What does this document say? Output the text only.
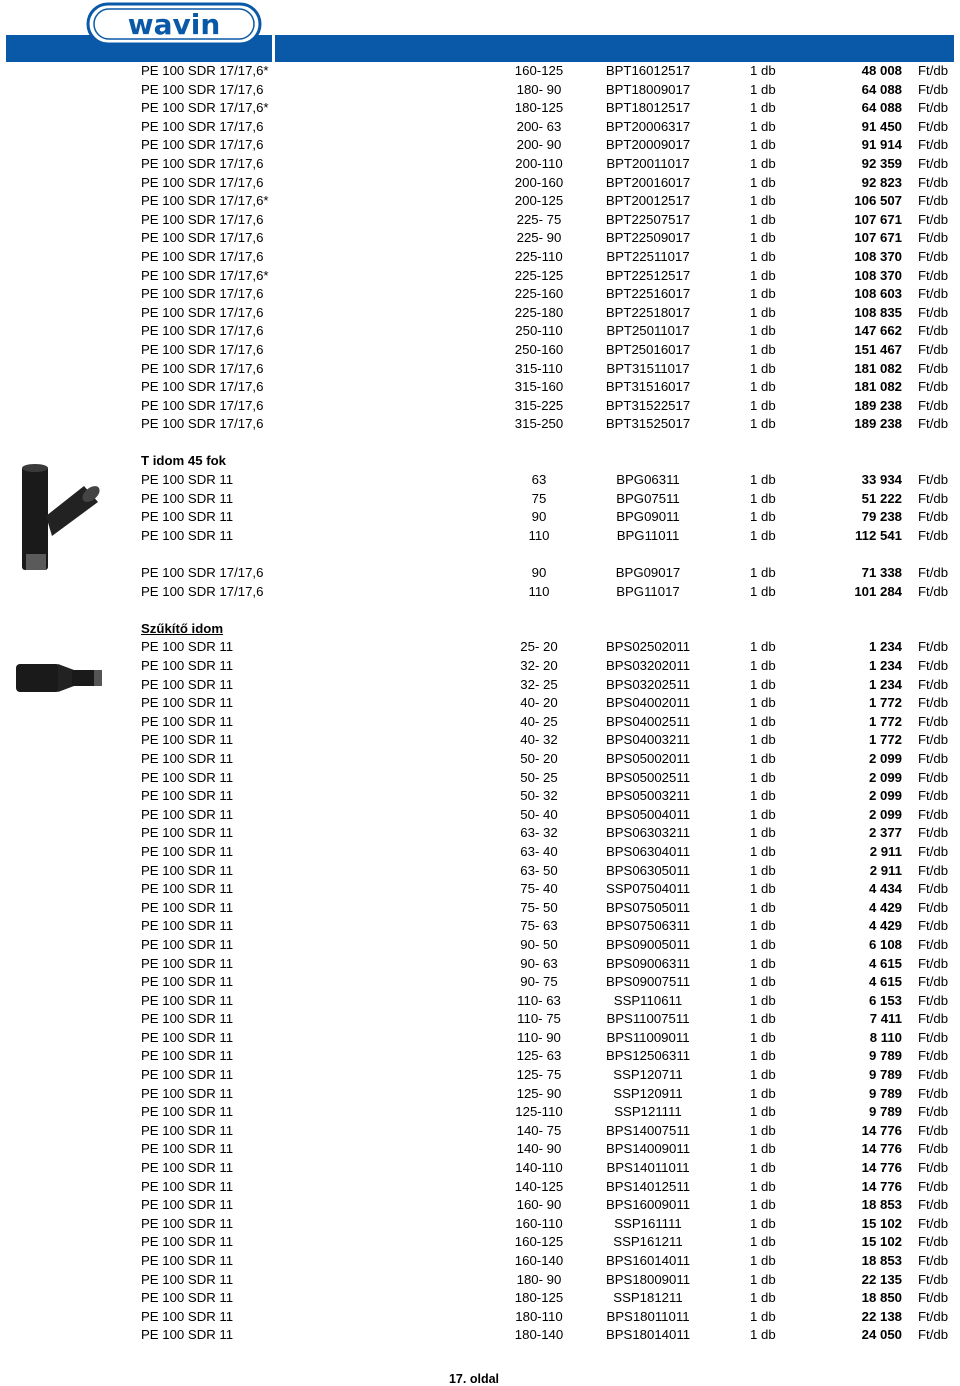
wavin
PE 100 SDR 17/17,6*	160-125	BPT16012517	1 db	48 008 Ft/db
PE 100 SDR 17/17,6	180- 90	BPT18009017	1 db	64 088 Ft/db
PE 100 SDR 17/17,6*	180-125	BPT18012517	1 db	64 088 Ft/db
PE 100 SDR 17/17,6	200- 63	BPT20006317	1 db	91 450 Ft/db
PE 100 SDR 17/17,6	200- 90	BPT20009017	1 db	91 914 Ft/db
PE 100 SDR 17/17,6	200-110	BPT20011017	1 db	92 359 Ft/db
PE 100 SDR 17/17,6	200-160	BPT20016017	1 db	92 823 Ft/db
PE 100 SDR 17/17,6*	200-125	BPT20012517	1 db	106 507 Ft/db
PE 100 SDR 17/17,6	225- 75	BPT22507517	1 db	107 671 Ft/db
PE 100 SDR 17/17,6	225- 90	BPT22509017	1 db	107 671 Ft/db
PE 100 SDR 17/17,6	225-110	BPT22511017	1 db	108 370 Ft/db
PE 100 SDR 17/17,6*	225-125	BPT22512517	1 db	108 370 Ft/db
PE 100 SDR 17/17,6	225-160	BPT22516017	1 db	108 603 Ft/db
PE 100 SDR 17/17,6	225-180	BPT22518017	1 db	108 835 Ft/db
PE 100 SDR 17/17,6	250-110	BPT25011017	1 db	147 662 Ft/db
PE 100 SDR 17/17,6	250-160	BPT25016017	1 db	151 467 Ft/db
PE 100 SDR 17/17,6	315-110	BPT31511017	1 db	181 082 Ft/db
PE 100 SDR 17/17,6	315-160	BPT31516017	1 db	181 082 Ft/db
PE 100 SDR 17/17,6	315-225	BPT31522517	1 db	189 238 Ft/db
PE 100 SDR 17/17,6	315-250	BPT31525017	1 db	189 238 Ft/db
T idom 45 fok
PE 100 SDR 11	63	BPG06311	1 db	33 934 Ft/db
PE 100 SDR 11	75	BPG07511	1 db	51 222 Ft/db
PE 100 SDR 11	90	BPG09011	1 db	79 238 Ft/db
PE 100 SDR 11	110	BPG11011	1 db	112 541 Ft/db
PE 100 SDR 17/17,6	90	BPG09017	1 db	71 338 Ft/db
PE 100 SDR 17/17,6	110	BPG11017	1 db	101 284 Ft/db
Szűkítő idom
PE 100 SDR 11	25- 20	BPS02502011	1 db	1 234 Ft/db
PE 100 SDR 11	32- 20	BPS03202011	1 db	1 234 Ft/db
PE 100 SDR 11	32- 25	BPS03202511	1 db	1 234 Ft/db
PE 100 SDR 11	40- 20	BPS04002011	1 db	1 772 Ft/db
PE 100 SDR 11	40- 25	BPS04002511	1 db	1 772 Ft/db
PE 100 SDR 11	40- 32	BPS04003211	1 db	1 772 Ft/db
PE 100 SDR 11	50- 20	BPS05002011	1 db	2 099 Ft/db
PE 100 SDR 11	50- 25	BPS05002511	1 db	2 099 Ft/db
PE 100 SDR 11	50- 32	BPS05003211	1 db	2 099 Ft/db
PE 100 SDR 11	50- 40	BPS05004011	1 db	2 099 Ft/db
PE 100 SDR 11	63- 32	BPS06303211	1 db	2 377 Ft/db
PE 100 SDR 11	63- 40	BPS06304011	1 db	2 911 Ft/db
PE 100 SDR 11	63- 50	BPS06305011	1 db	2 911 Ft/db
PE 100 SDR 11	75- 40	SSP07504011	1 db	4 434 Ft/db
PE 100 SDR 11	75- 50	BPS07505011	1 db	4 429 Ft/db
PE 100 SDR 11	75- 63	BPS07506311	1 db	4 429 Ft/db
PE 100 SDR 11	90- 50	BPS09005011	1 db	6 108 Ft/db
PE 100 SDR 11	90- 63	BPS09006311	1 db	4 615 Ft/db
PE 100 SDR 11	90- 75	BPS09007511	1 db	4 615 Ft/db
PE 100 SDR 11	110- 63	SSP110611	1 db	6 153 Ft/db
PE 100 SDR 11	110- 75	BPS11007511	1 db	7 411 Ft/db
PE 100 SDR 11	110- 90	BPS11009011	1 db	8 110 Ft/db
PE 100 SDR 11	125- 63	BPS12506311	1 db	9 789 Ft/db
PE 100 SDR 11	125- 75	SSP120711	1 db	9 789 Ft/db
PE 100 SDR 11	125- 90	SSP120911	1 db	9 789 Ft/db
PE 100 SDR 11	125-110	SSP121111	1 db	9 789 Ft/db
PE 100 SDR 11	140- 75	BPS14007511	1 db	14 776 Ft/db
PE 100 SDR 11	140- 90	BPS14009011	1 db	14 776 Ft/db
PE 100 SDR 11	140-110	BPS14011011	1 db	14 776 Ft/db
PE 100 SDR 11	140-125	BPS14012511	1 db	14 776 Ft/db
PE 100 SDR 11	160- 90	BPS16009011	1 db	18 853 Ft/db
PE 100 SDR 11	160-110	SSP161111	1 db	15 102 Ft/db
PE 100 SDR 11	160-125	SSP161211	1 db	15 102 Ft/db
PE 100 SDR 11	160-140	BPS16014011	1 db	18 853 Ft/db
PE 100 SDR 11	180- 90	BPS18009011	1 db	22 135 Ft/db
PE 100 SDR 11	180-125	SSP181211	1 db	18 850 Ft/db
PE 100 SDR 11	180-110	BPS18011011	1 db	22 138 Ft/db
PE 100 SDR 11	180-140	BPS18014011	1 db	24 050 Ft/db
17. oldal
